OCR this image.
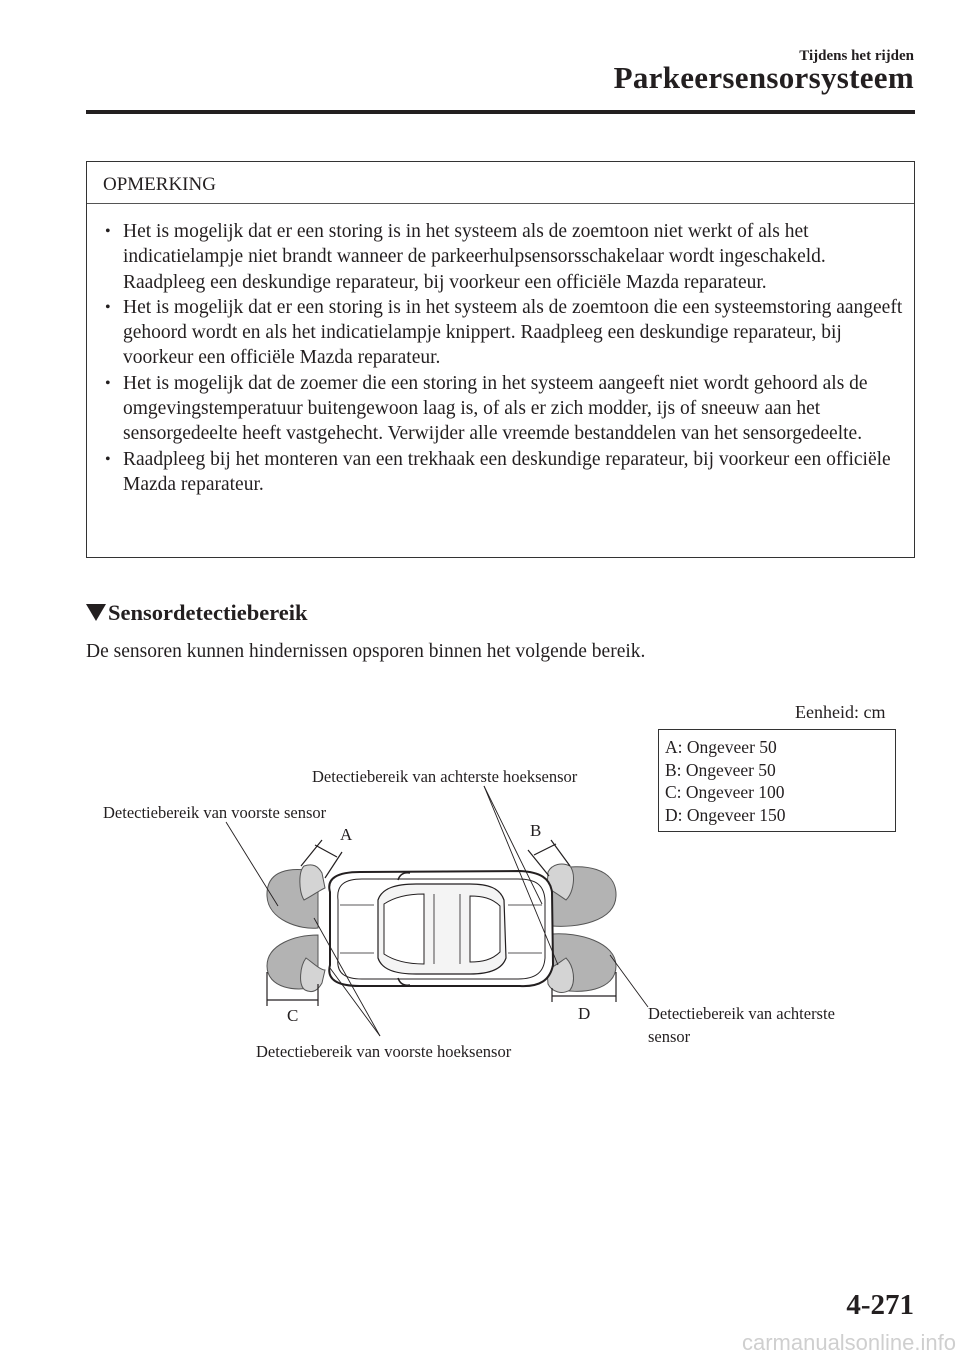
Tijdens het rijden
Parkeersensorsysteem
OPMERKING
• Het is mogelijk dat er een storing is in het systeem als de zoemtoon niet werkt of als het indicatielampje niet brandt wanneer de parkeerhulpsensorsschakelaar wordt ingeschakeld. Raadpleeg een deskundige reparateur, bij voorkeur een officiële Mazda reparateur.
• Het is mogelijk dat er een storing is in het systeem als de zoemtoon die een systeemstoring aangeeft gehoord wordt en als het indicatielampje knippert. Raadpleeg een deskundige reparateur, bij voorkeur een officiële Mazda reparateur.
• Het is mogelijk dat de zoemer die een storing in het systeem aangeeft niet wordt gehoord als de omgevingstemperatuur buitengewoon laag is, of als er zich modder, ijs of sneeuw aan het sensorgedeelte heeft vastgehecht. Verwijder alle vreemde bestanddelen van het sensorgedeelte.
• Raadpleeg bij het monteren van een trekhaak een deskundige reparateur, bij voorkeur een officiële Mazda reparateur.
Sensordetectiebereik
De sensoren kunnen hindernissen opsporen binnen het volgende bereik.
Eenheid: cm
A: Ongeveer 50
B: Ongeveer 50
C: Ongeveer 100
D: Ongeveer 150
Detectiebereik van voorste sensor
Detectiebereik van achterste hoeksensor
Detectiebereik van voorste hoeksensor
Detectiebereik van achterste
sensor
A	B
C	D
4-271
carmanualsonline.info
